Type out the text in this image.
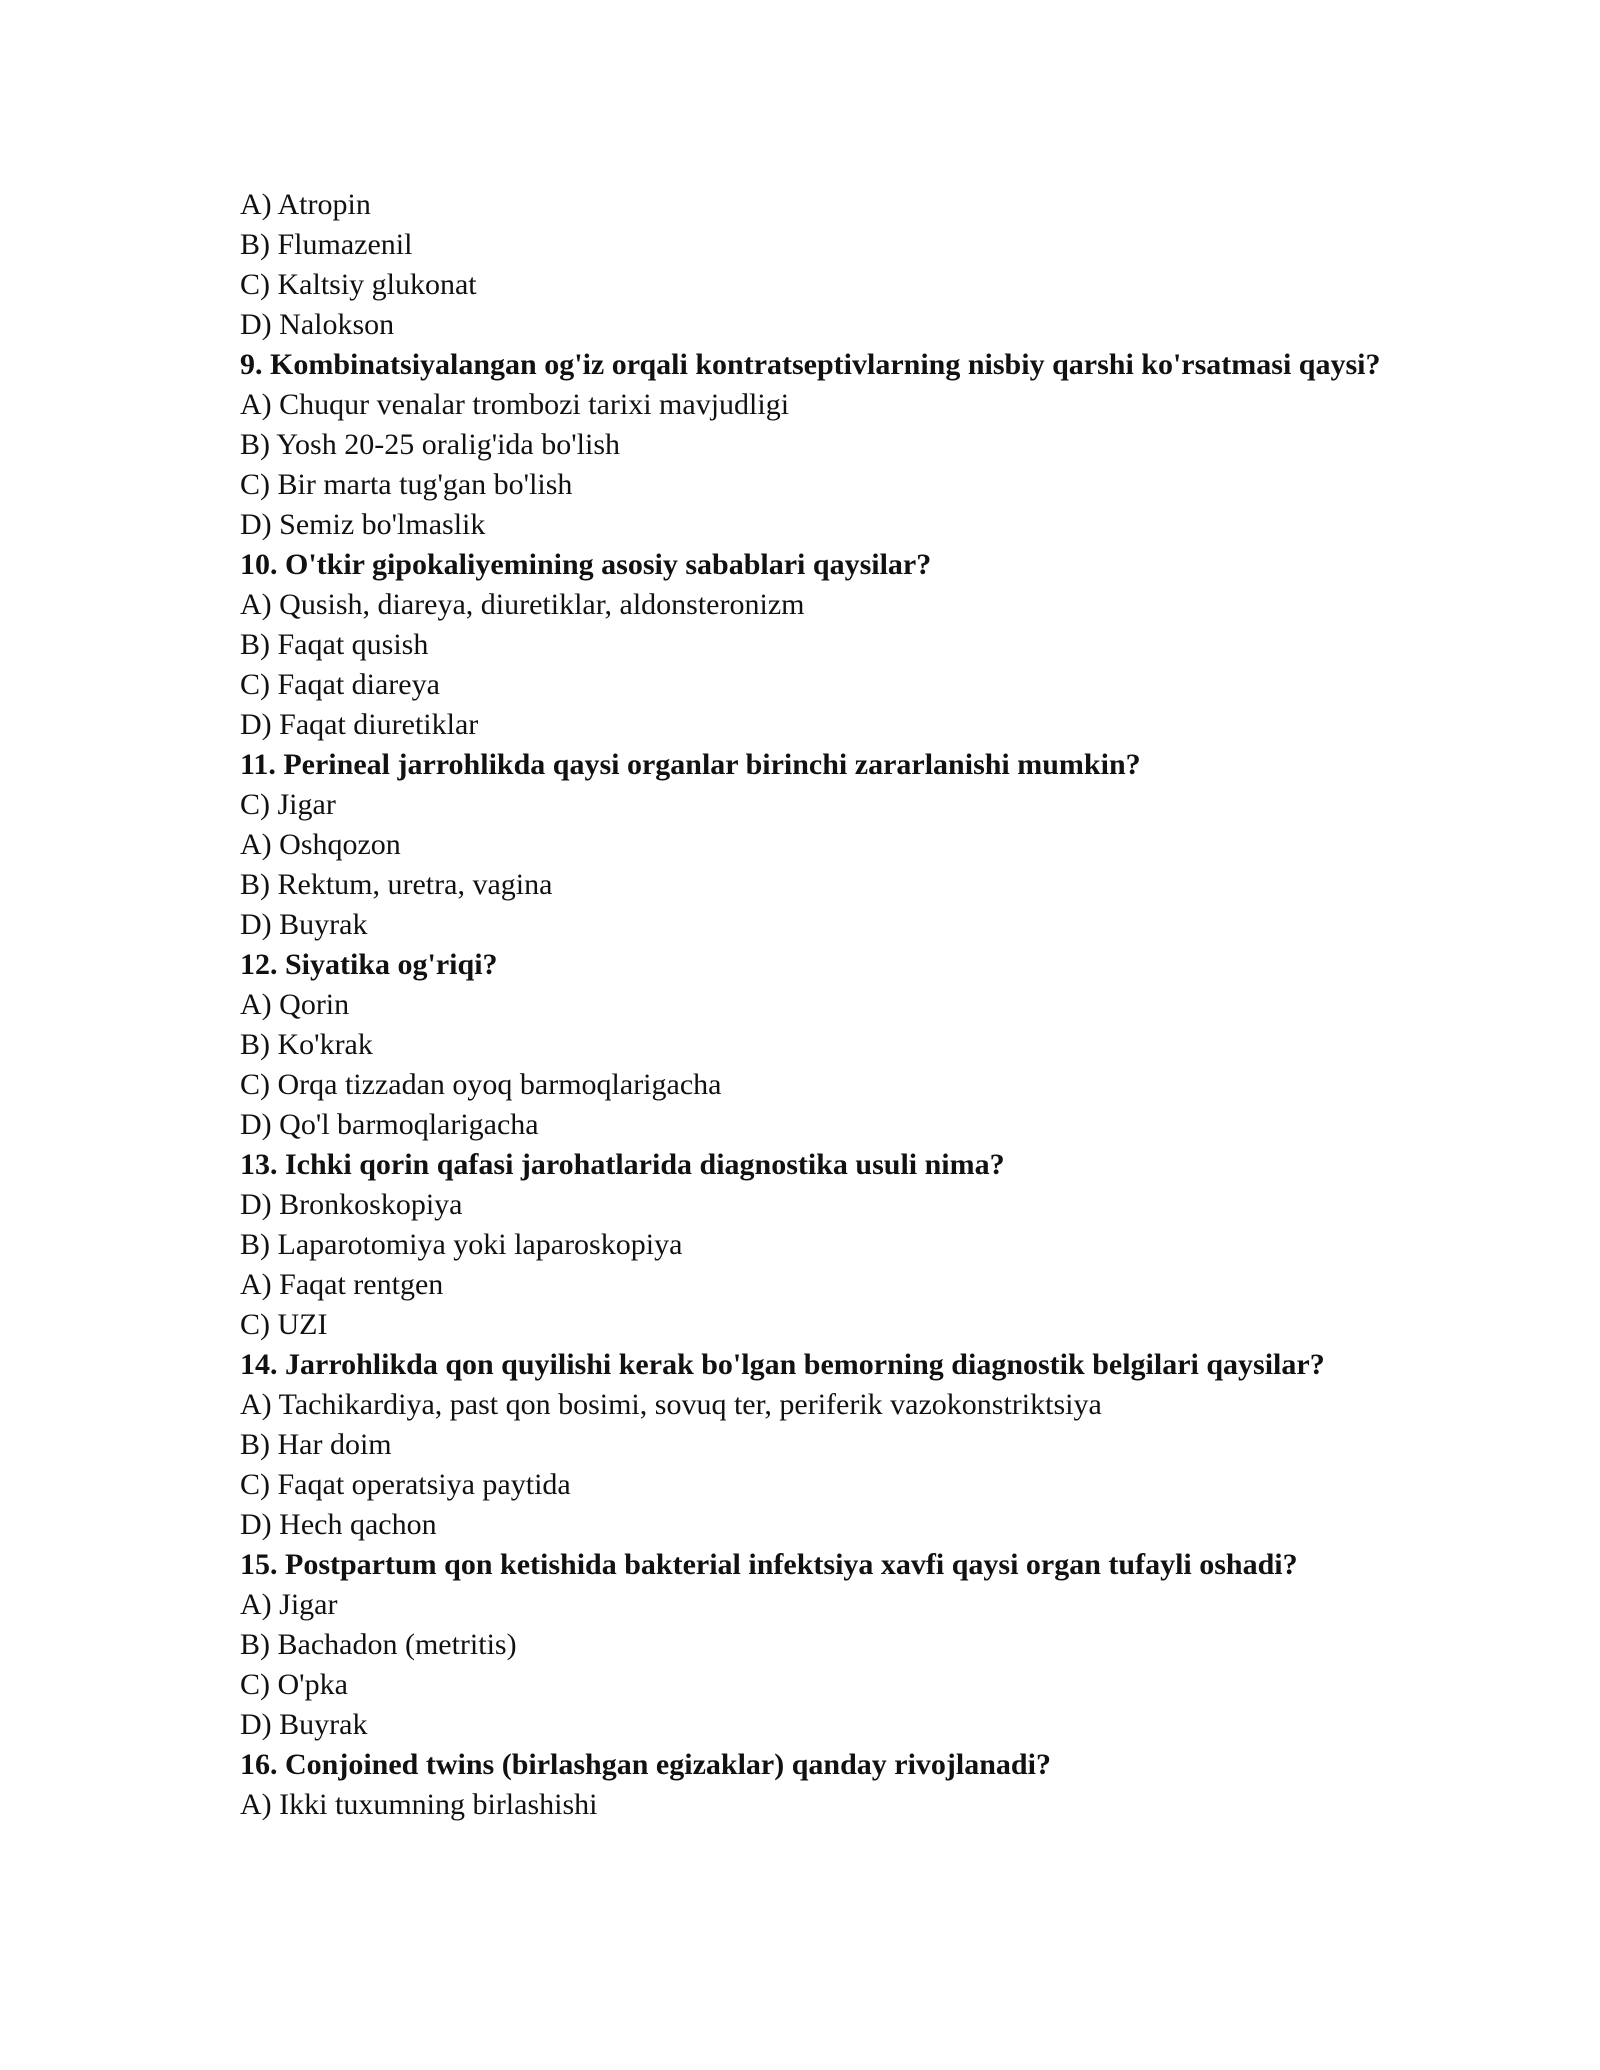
A) Atropin
B) Flumazenil
C) Kaltsiy glukonat
D) Nalokson
9. Kombinatsiyalangan og'iz orqali kontratseptivlarning nisbiy qarshi ko'rsatmasi qaysi?
A) Chuqur venalar trombozi tarixi mavjudligi
B) Yosh 20-25 oralig'ida bo'lish
C) Bir marta tug'gan bo'lish
D) Semiz bo'lmaslik
10. O'tkir gipokaliyemining asosiy sabablari qaysilar?
A) Qusish, diareya, diuretiklar, aldonsteronizm
B) Faqat qusish
C) Faqat diareya
D) Faqat diuretiklar
11. Perineal jarrohlikda qaysi organlar birinchi zararlanishi mumkin?
C) Jigar
A) Oshqozon
B) Rektum, uretra, vagina
D) Buyrak
12. Siyatika og'riqi?
A) Qorin
B) Ko'krak
C) Orqa tizzadan oyoq barmoqlarigacha
D) Qo'l barmoqlarigacha
13. Ichki qorin qafasi jarohatlarida diagnostika usuli nima?
D) Bronkoskopiya
B) Laparotomiya yoki laparoskopiya
A) Faqat rentgen
C) UZI
14. Jarrohlikda qon quyilishi kerak bo'lgan bemorning diagnostik belgilari qaysilar?
A) Tachikardiya, past qon bosimi, sovuq ter, periferik vazokonstriktsiya
B) Har doim
C) Faqat operatsiya paytida
D) Hech qachon
15. Postpartum qon ketishida bakterial infektsiya xavfi qaysi organ tufayli oshadi?
A) Jigar
B) Bachadon (metritis)
C) O'pka
D) Buyrak
16. Conjoined twins (birlashgan egizaklar) qanday rivojlanadi?
A) Ikki tuxumning birlashishi
